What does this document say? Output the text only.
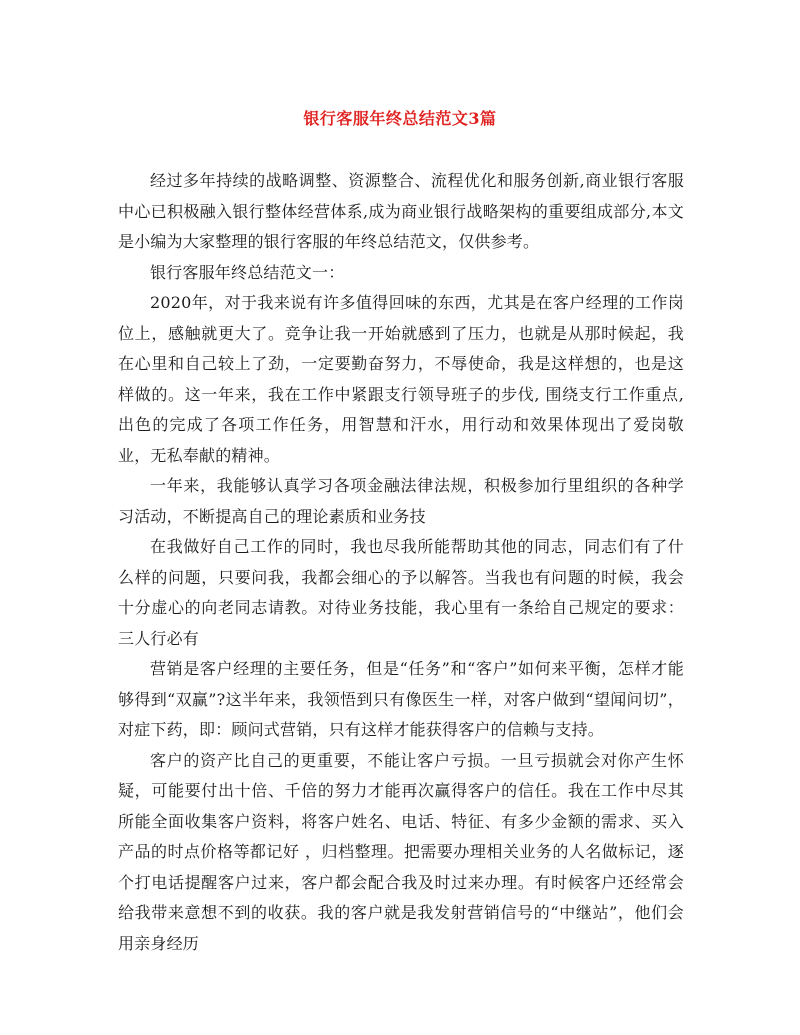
银行客服年终总结范文3篇

经过多年持续的战略调整、资源整合、流程优化和服务创新,商业银行客服中心已积极融入银行整体经营体系,成为商业银行战略架构的重要组成部分,本文是小编为大家整理的银行客服的年终总结范文，仅供参考。

银行客服年终总结范文一：

2020年，对于我来说有许多值得回味的东西，尤其是在客户经理的工作岗位上，感触就更大了。竞争让我一开始就感到了压力，也就是从那时候起，我在心里和自己较上了劲，一定要勤奋努力，不辱使命，我是这样想的，也是这样做的。这一年来，我在工作中紧跟支行领导班子的步伐, 围绕支行工作重点, 出色的完成了各项工作任务，用智慧和汗水，用行动和效果体现出了爱岗敬业，无私奉献的精神。

一年来，我能够认真学习各项金融法律法规，积极参加行里组织的各种学习活动，不断提高自己的理论素质和业务技

在我做好自己工作的同时，我也尽我所能帮助其他的同志，同志们有了什么样的问题，只要问我，我都会细心的予以解答。当我也有问题的时候，我会十分虚心的向老同志请教。对待业务技能，我心里有一条给自己规定的要求：三人行必有

营销是客户经理的主要任务，但是“任务”和“客户”如何来平衡，怎样才能够得到“双赢”?这半年来，我领悟到只有像医生一样，对客户做到“望闻问切”，对症下药，即：顾问式营销，只有这样才能获得客户的信赖与支持。

客户的资产比自己的更重要，不能让客户亏损。一旦亏损就会对你产生怀疑，可能要付出十倍、千倍的努力才能再次赢得客户的信任。我在工作中尽其所能全面收集客户资料，将客户姓名、电话、特征、有多少金额的需求、买入产品的时点价格等都记好 ，归档整理。把需要办理相关业务的人名做标记，逐个打电话提醒客户过来，客户都会配合我及时过来办理。有时候客户还经常会给我带来意想不到的收获。我的客户就是我发射营销信号的“中继站”，他们会用亲身经历
